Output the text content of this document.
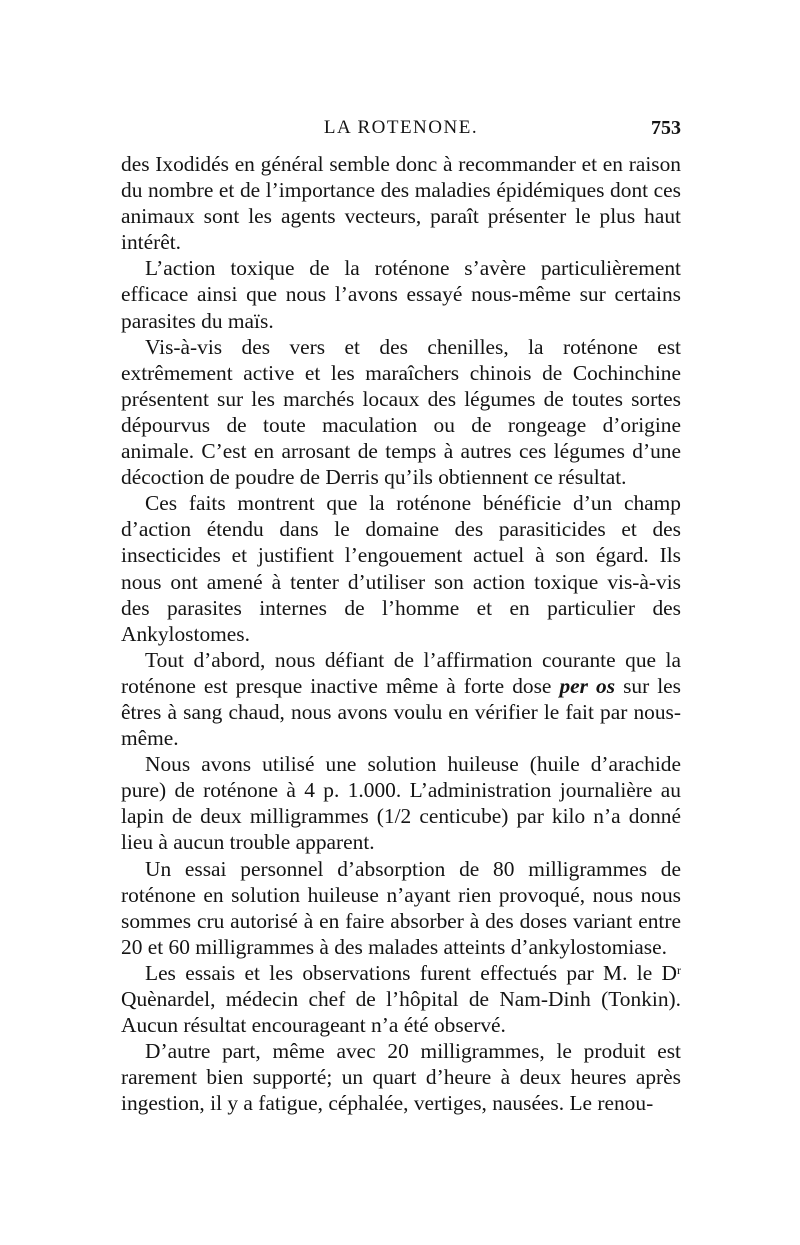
LA ROTENONE.	753

des Ixodidés en général semble donc à recommander et en raison du nombre et de l’importance des maladies épidémiques dont ces animaux sont les agents vecteurs, paraît présenter le plus haut intérêt.

L’action toxique de la roténone s’avère particulièrement efficace ainsi que nous l’avons essayé nous-même sur certains parasites du maïs.

Vis-à-vis des vers et des chenilles, la roténone est extrêmement active et les maraîchers chinois de Cochinchine présentent sur les marchés locaux des légumes de toutes sortes dépourvus de toute maculation ou de rongeage d’origine animale. C’est en arrosant de temps à autres ces légumes d’une décoction de poudre de Derris qu’ils obtiennent ce résultat.

Ces faits montrent que la roténone bénéficie d’un champ d’action étendu dans le domaine des parasiticides et des insecticides et justifient l’engouement actuel à son égard. Ils nous ont amené à tenter d’utiliser son action toxique vis-à-vis des parasites internes de l’homme et en particulier des Ankylostomes.

Tout d’abord, nous défiant de l’affirmation courante que la roténone est presque inactive même à forte dose per os sur les êtres à sang chaud, nous avons voulu en vérifier le fait par nous-même.

Nous avons utilisé une solution huileuse (huile d’arachide pure) de roténone à 4 p. 1.000. L’administration journalière au lapin de deux milligrammes (1/2 centicube) par kilo n’a donné lieu à aucun trouble apparent.

Un essai personnel d’absorption de 80 milligrammes de roténone en solution huileuse n’ayant rien provoqué, nous nous sommes cru autorisé à en faire absorber à des doses variant entre 20 et 60 milligrammes à des malades atteints d’ankylostomiase.

Les essais et les observations furent effectués par M. le $D^r$ Quènardel, médecin chef de l’hôpital de Nam-Dinh (Tonkin). Aucun résultat encourageant n’a été observé.

D’autre part, même avec 20 milligrammes, le produit est rarement bien supporté; un quart d’heure à deux heures après ingestion, il y a fatigue, céphalée, vertiges, nausées. Le renou-
